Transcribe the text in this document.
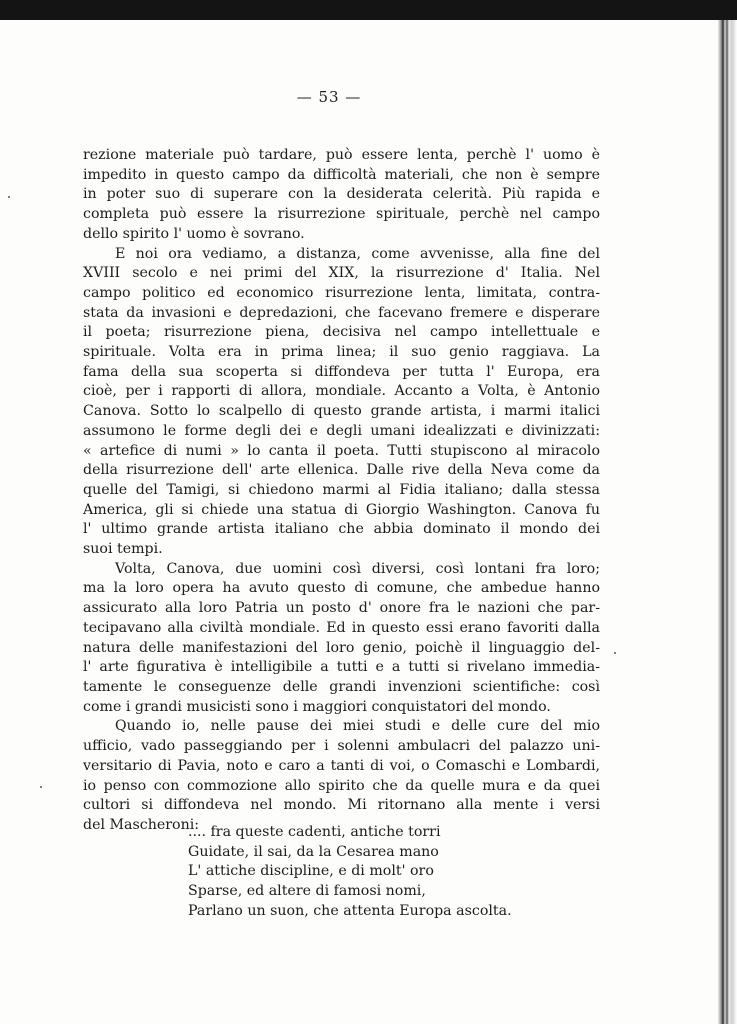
— 53 —
rezione materiale può tardare, può essere lenta, perchè l' uomo è
impedito in questo campo da difficoltà materiali, che non è sempre
in poter suo di superare con la desiderata celerità. Più rapida e
completa può essere la risurrezione spirituale, perchè nel campo
dello spirito l' uomo è sovrano.
E noi ora vediamo, a distanza, come avvenisse, alla fine del
XVIII secolo e nei primi del XIX, la risurrezione d' Italia. Nel
campo politico ed economico risurrezione lenta, limitata, contra-
stata da invasioni e depredazioni, che facevano fremere e disperare
il poeta; risurrezione piena, decisiva nel campo intellettuale e
spirituale. Volta era in prima linea; il suo genio raggiava. La
fama della sua scoperta si diffondeva per tutta l' Europa, era
cioè, per i rapporti di allora, mondiale. Accanto a Volta, è Antonio
Canova. Sotto lo scalpello di questo grande artista, i marmi italici
assumono le forme degli dei e degli umani idealizzati e divinizzati:
« artefice di numi » lo canta il poeta. Tutti stupiscono al miracolo
della risurrezione dell' arte ellenica. Dalle rive della Neva come da
quelle del Tamigi, si chiedono marmi al Fidia italiano; dalla stessa
America, gli si chiede una statua di Giorgio Washington. Canova fu
l' ultimo grande artista italiano che abbia dominato il mondo dei
suoi tempi.
Volta, Canova, due uomini così diversi, così lontani fra loro;
ma la loro opera ha avuto questo di comune, che ambedue hanno
assicurato alla loro Patria un posto d' onore fra le nazioni che par-
tecipavano alla civiltà mondiale. Ed in questo essi erano favoriti dalla
natura delle manifestazioni del loro genio, poichè il linguaggio del-
l' arte figurativa è intelligibile a tutti e a tutti si rivelano immedia-
tamente le conseguenze delle grandi invenzioni scientifiche: così
come i grandi musicisti sono i maggiori conquistatori del mondo.
Quando io, nelle pause dei miei studi e delle cure del mio
ufficio, vado passeggiando per i solenni ambulacri del palazzo uni-
versitario di Pavia, noto e caro a tanti di voi, o Comaschi e Lombardi,
io penso con commozione allo spirito che da quelle mura e da quei
cultori si diffondeva nel mondo. Mi ritornano alla mente i versi
del Mascheroni:
.... fra queste cadenti, antiche torri
Guidate, il sai, da la Cesarea mano
L' attiche discipline, e di molt' oro
Sparse, ed altere di famosi nomi,
Parlano un suon, che attenta Europa ascolta.
